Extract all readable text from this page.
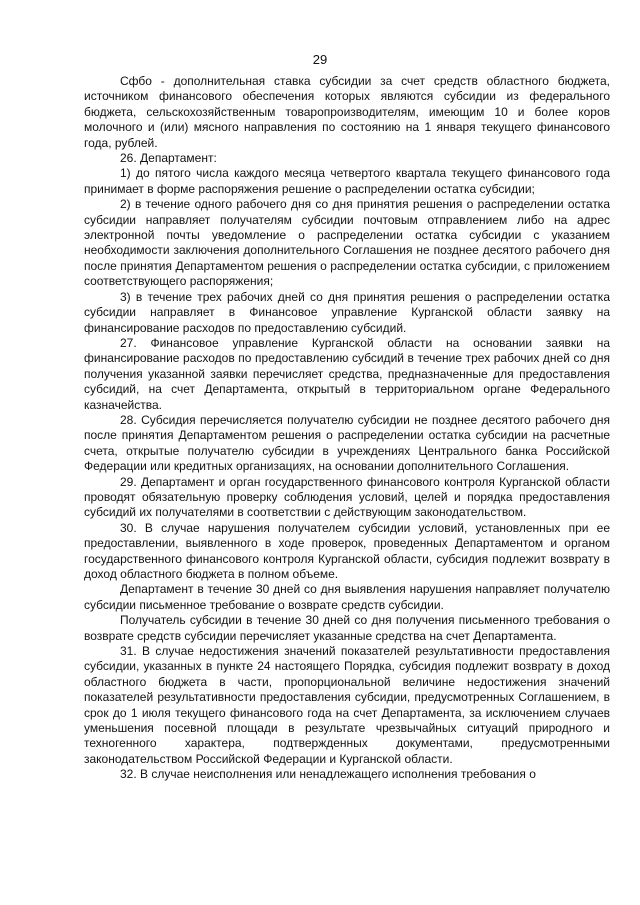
29

Сфбо - дополнительная ставка субсидии за счет средств областного бюджета, источником финансового обеспечения которых являются субсидии из федерального бюджета, сельскохозяйственным товаропроизводителям, имеющим 10 и более коров молочного и (или) мясного направления по состоянию на 1 января текущего финансового года, рублей.

26. Департамент:

1) до пятого числа каждого месяца четвертого квартала текущего финансового года принимает в форме распоряжения решение о распределении остатка субсидии;

2) в течение одного рабочего дня со дня принятия решения о распределении остатка субсидии направляет получателям субсидии почтовым отправлением либо на адрес электронной почты уведомление о распределении остатка субсидии с указанием необходимости заключения дополнительного Соглашения не позднее десятого рабочего дня после принятия Департаментом решения о распределении остатка субсидии, с приложением соответствующего распоряжения;

3) в течение трех рабочих дней со дня принятия решения о распределении остатка субсидии направляет в Финансовое управление Курганской области заявку на финансирование расходов по предоставлению субсидий.

27. Финансовое управление Курганской области на основании заявки на финансирование расходов по предоставлению субсидий в течение трех рабочих дней со дня получения указанной заявки перечисляет средства, предназначенные для предоставления субсидий, на счет Департамента, открытый в территориальном органе Федерального казначейства.

28. Субсидия перечисляется получателю субсидии не позднее десятого рабочего дня после принятия Департаментом решения о распределении остатка субсидии на расчетные счета, открытые получателю субсидии в учреждениях Центрального банка Российской Федерации или кредитных организациях, на основании дополнительного Соглашения.

29. Департамент и орган государственного финансового контроля Курганской области проводят обязательную проверку соблюдения условий, целей и порядка предоставления субсидий их получателями в соответствии с действующим законодательством.

30. В случае нарушения получателем субсидии условий, установленных при ее предоставлении, выявленного в ходе проверок, проведенных Департаментом и органом государственного финансового контроля Курганской области, субсидия подлежит возврату в доход областного бюджета в полном объеме.

Департамент в течение 30 дней со дня выявления нарушения направляет получателю субсидии письменное требование о возврате средств субсидии.

Получатель субсидии в течение 30 дней со дня получения письменного требования о возврате средств субсидии перечисляет указанные средства на счет Департамента.

31. В случае недостижения значений показателей результативности предоставления субсидии, указанных в пункте 24 настоящего Порядка, субсидия подлежит возврату в доход областного бюджета в части, пропорциональной величине недостижения значений показателей результативности предоставления субсидии, предусмотренных Соглашением, в срок до 1 июля текущего финансового года на счет Департамента, за исключением случаев уменьшения посевной площади в результате чрезвычайных ситуаций природного и техногенного характера, подтвержденных документами, предусмотренными законодательством Российской Федерации и Курганской области.

32. В случае неисполнения или ненадлежащего исполнения требования о
